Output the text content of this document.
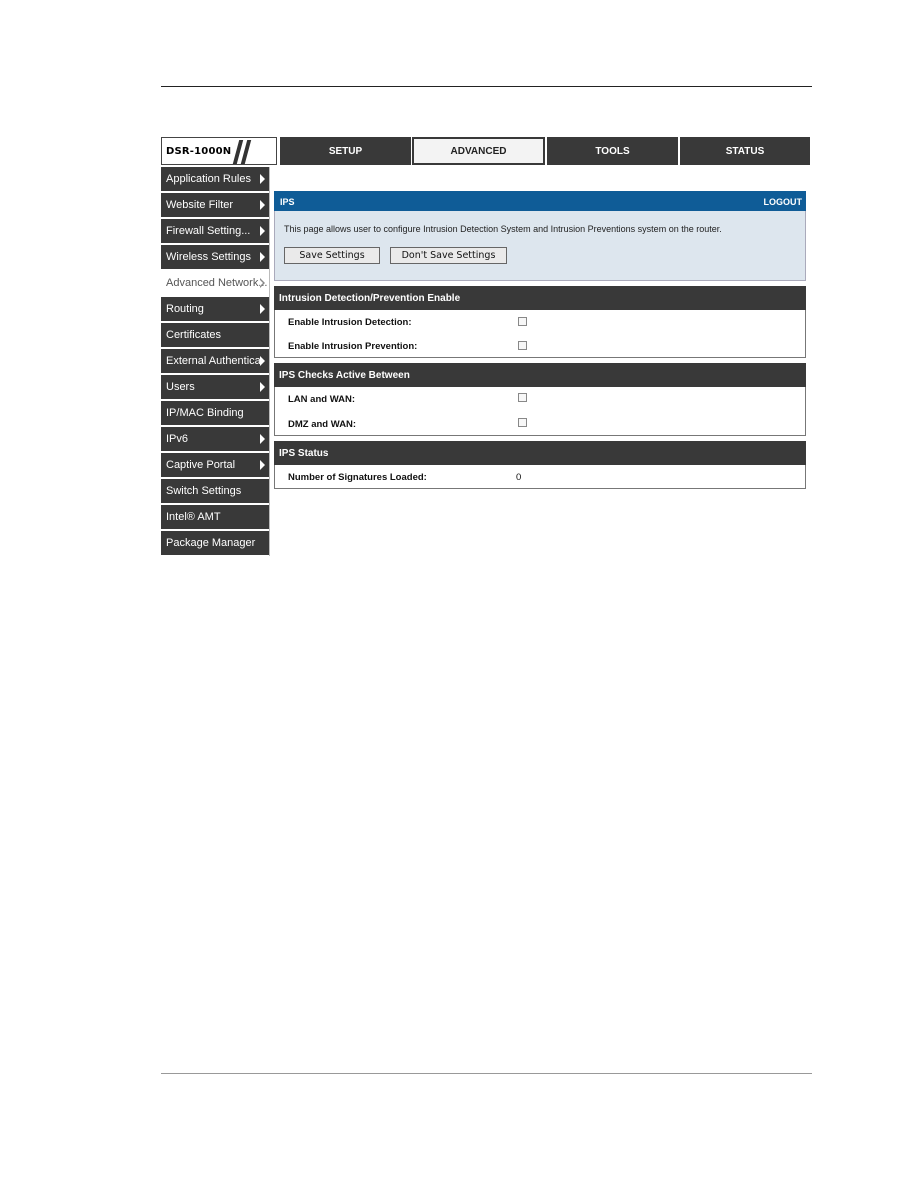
DSR-1000N	SETUP	ADVANCED	TOOLS	STATUS
Application Rules
Website Filter
Firewall Setting...
Wireless Settings
Advanced Network...
Routing
Certificates
External Authentica
Users
IP/MAC Binding
IPv6
Captive Portal
Switch Settings
Intel® AMT
Package Manager
IPS	LOGOUT
This page allows user to configure Intrusion Detection System and Intrusion Preventions system on the router.
Save Settings	Don't Save Settings
Intrusion Detection/Prevention Enable
Enable Intrusion Detection:
Enable Intrusion Prevention:
IPS Checks Active Between
LAN and WAN:
DMZ and WAN:
IPS Status
Number of Signatures Loaded:	0
